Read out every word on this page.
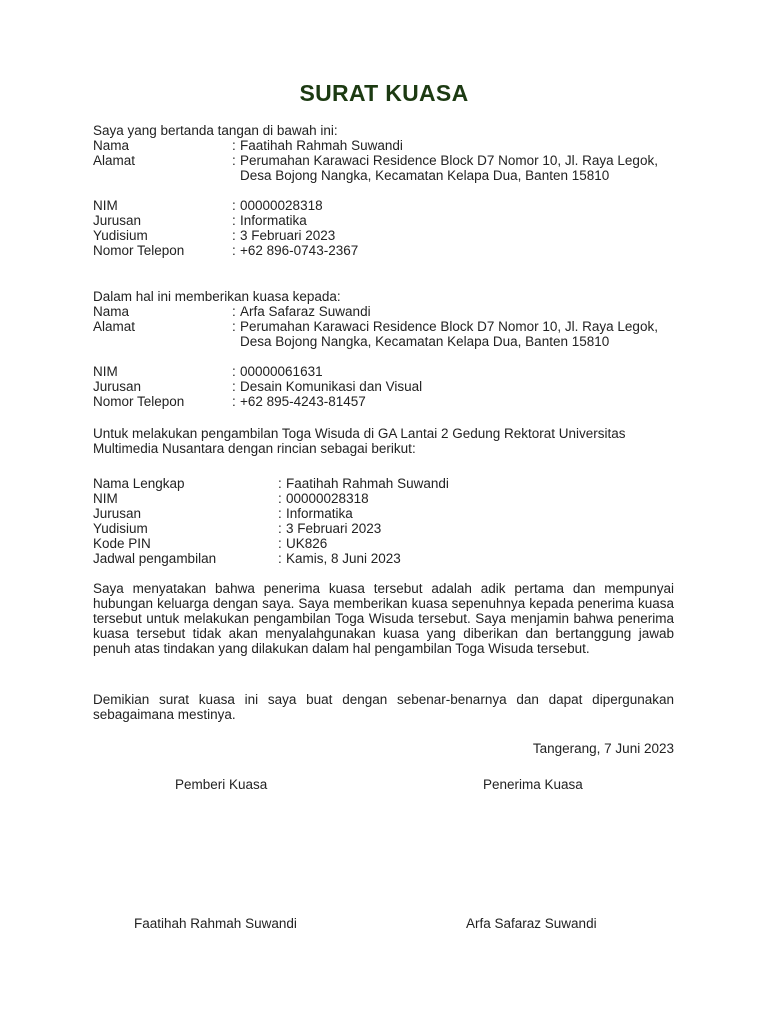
SURAT KUASA
Saya yang bertanda tangan di bawah ini:
Nama	: Faatihah Rahmah Suwandi
Alamat	: Perumahan Karawaci Residence Block D7 Nomor 10, Jl. Raya Legok, Desa Bojong Nangka, Kecamatan Kelapa Dua, Banten 15810
NIM	: 00000028318
Jurusan	: Informatika
Yudisium	: 3 Februari 2023
Nomor Telepon	: +62 896-0743-2367
Dalam hal ini memberikan kuasa kepada:
Nama	: Arfa Safaraz Suwandi
Alamat	: Perumahan Karawaci Residence Block D7 Nomor 10, Jl. Raya Legok, Desa Bojong Nangka, Kecamatan Kelapa Dua, Banten 15810
NIM	: 00000061631
Jurusan	: Desain Komunikasi dan Visual
Nomor Telepon	: +62 895-4243-81457
Untuk melakukan pengambilan Toga Wisuda di GA Lantai 2 Gedung Rektorat Universitas Multimedia Nusantara dengan rincian sebagai berikut:
Nama Lengkap	: Faatihah Rahmah Suwandi
NIM	: 00000028318
Jurusan	: Informatika
Yudisium	: 3 Februari 2023
Kode PIN	: UK826
Jadwal pengambilan	: Kamis, 8 Juni 2023
Saya menyatakan bahwa penerima kuasa tersebut adalah adik pertama dan mempunyai hubungan keluarga dengan saya. Saya memberikan kuasa sepenuhnya kepada penerima kuasa tersebut untuk melakukan pengambilan Toga Wisuda tersebut. Saya menjamin bahwa penerima kuasa tersebut tidak akan menyalahgunakan kuasa yang diberikan dan bertanggung jawab penuh atas tindakan yang dilakukan dalam hal pengambilan Toga Wisuda tersebut.
Demikian surat kuasa ini saya buat dengan sebenar-benarnya dan dapat dipergunakan sebagaimana mestinya.
Tangerang, 7 Juni 2023
Pemberi Kuasa	Penerima Kuasa
Faatihah Rahmah Suwandi	Arfa Safaraz Suwandi
